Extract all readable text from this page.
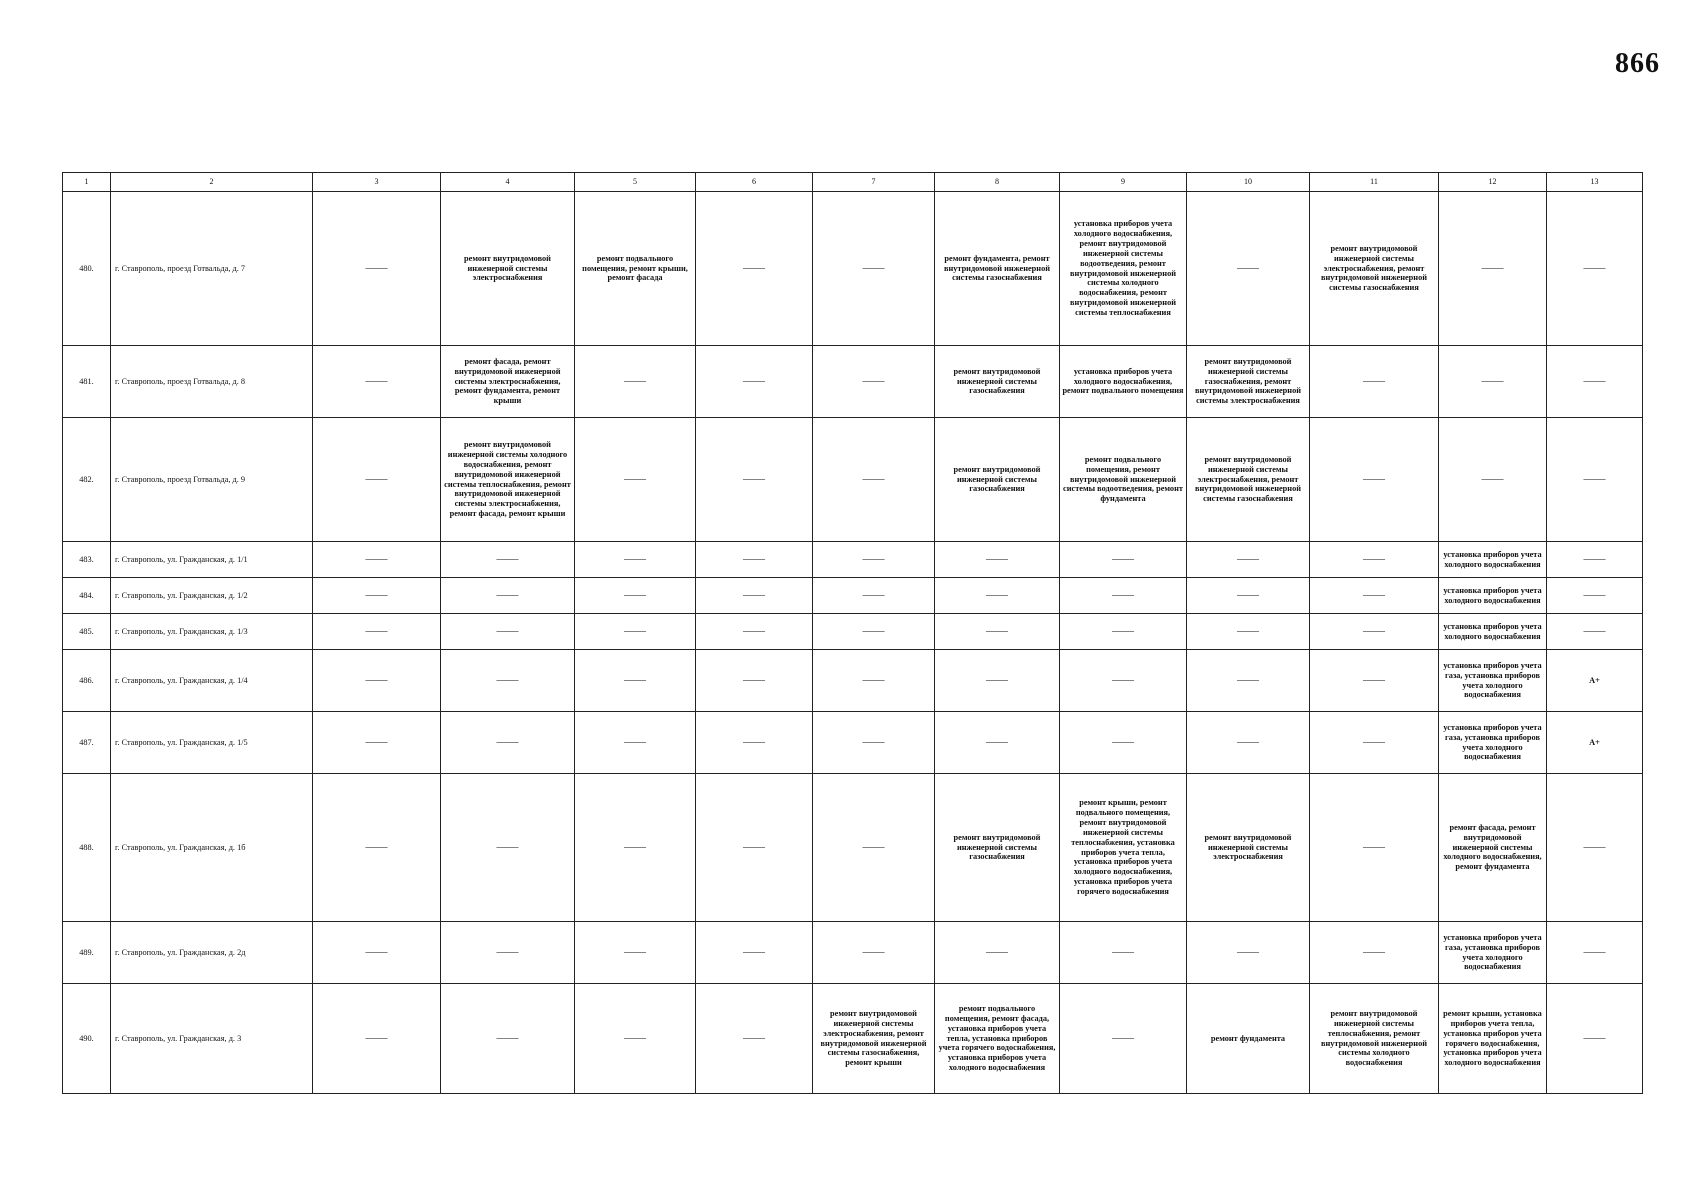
866
1	2	3	4	5	6	7	8	9	10	11	12	13
480.	г. Ставрополь, проезд Готвальда, д. 7	——	ремонт внутридомовой инженерной системы электроснабжения	ремонт подвального помещения, ремонт крыши, ремонт фасада	——	——	ремонт фундамента, ремонт внутридомовой инженерной системы газоснабжения	установка приборов учета холодного водоснабжения, ремонт внутридомовой инженерной системы водоотведения, ремонт внутридомовой инженерной системы холодного водоснабжения, ремонт внутридомовой инженерной системы теплоснабжения	——	ремонт внутридомовой инженерной системы электроснабжения, ремонт внутридомовой инженерной системы газоснабжения	——	——
481.	г. Ставрополь, проезд Готвальда, д. 8	——	ремонт фасада, ремонт внутридомовой инженерной системы электроснабжения, ремонт фундамента, ремонт крыши	——	——	——	ремонт внутридомовой инженерной системы газоснабжения	установка приборов учета холодного водоснабжения, ремонт подвального помещения	ремонт внутридомовой инженерной системы газоснабжения, ремонт внутридомовой инженерной системы электроснабжения	——	——	——
482.	г. Ставрополь, проезд Готвальда, д. 9	——	ремонт внутридомовой инженерной системы холодного водоснабжения, ремонт внутридомовой инженерной системы теплоснабжения, ремонт внутридомовой инженерной системы электроснабжения, ремонт фасада, ремонт крыши	——	——	——	ремонт внутридомовой инженерной системы газоснабжения	ремонт подвального помещения, ремонт внутридомовой инженерной системы водоотведения, ремонт фундамента	ремонт внутридомовой инженерной системы электроснабжения, ремонт внутридомовой инженерной системы газоснабжения	——	——	——
483.	г. Ставрополь, ул. Гражданская, д. 1/1	——	——	——	——	——	——	——	——	——	установка приборов учета холодного водоснабжения	——
484.	г. Ставрополь, ул. Гражданская, д. 1/2	——	——	——	——	——	——	——	——	——	установка приборов учета холодного водоснабжения	——
485.	г. Ставрополь, ул. Гражданская, д. 1/3	——	——	——	——	——	——	——	——	——	установка приборов учета холодного водоснабжения	——
486.	г. Ставрополь, ул. Гражданская, д. 1/4	——	——	——	——	——	——	——	——	——	установка приборов учета газа, установка приборов учета холодного водоснабжения	А+
487.	г. Ставрополь, ул. Гражданская, д. 1/5	——	——	——	——	——	——	——	——	——	установка приборов учета газа, установка приборов учета холодного водоснабжения	А+
488.	г. Ставрополь, ул. Гражданская, д. 1б	——	——	——	——	——	ремонт внутридомовой инженерной системы газоснабжения	ремонт крыши, ремонт подвального помещения, ремонт внутридомовой инженерной системы теплоснабжения, установка приборов учета тепла, установка приборов учета холодного водоснабжения, установка приборов учета горячего водоснабжения	ремонт внутридомовой инженерной системы электроснабжения	——	ремонт фасада, ремонт внутридомовой инженерной системы холодного водоснабжения, ремонт фундамента	——
489.	г. Ставрополь, ул. Гражданская, д. 2д	——	——	——	——	——	——	——	——	——	установка приборов учета газа, установка приборов учета холодного водоснабжения	——
490.	г. Ставрополь, ул. Гражданская, д. 3	——	——	——	——	ремонт внутридомовой инженерной системы электроснабжения, ремонт внутридомовой инженерной системы газоснабжения, ремонт крыши	ремонт подвального помещения, ремонт фасада, установка приборов учета тепла, установка приборов учета горячего водоснабжения, установка приборов учета холодного водоснабжения	——	ремонт фундамента	ремонт внутридомовой инженерной системы теплоснабжения, ремонт внутридомовой инженерной системы холодного водоснабжения	ремонт крыши, установка приборов учета тепла, установка приборов учета горячего водоснабжения, установка приборов учета холодного водоснабжения	——
